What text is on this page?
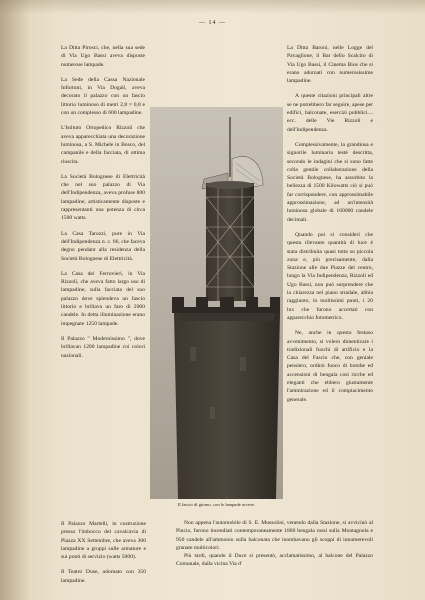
— 14 —

La Ditta Pirosci, che, nella sua sede di Via Ugo Bassi aveva disposte numerose lampade.

La Sede della Cassa Nazionale Infortuni, in Via Dogali, aveva decorato il palazzo con un fascio littorio luminoso di metri 2,8 × 0,8 e con un complesso di 600 lampadine.

L'Istituto Ortopedico Rizzoli che aveva apparecchiata una decorazione luminosa, a S. Michele in Bosco, del campanile e della facciata, di ottima riuscita.

La Società Bolognese di Elettricità che nel suo palazzo di Via dell'Indipendenza, aveva profuse 800 lampadine, artisticamente disposte e rappresentanti una potenza di circa 1500 watts.

La Casa Tarozzi, pure in Via dell'Indipendenza n. c. 66, che faceva degno pendant alla residenza della Società Bolognese di Elettricità.

La Casa dei Ferrovieri, in Via Rizzoli, che aveva fatto largo uso di lampadine, sulla facciata del suo palazzo dove splendeva un fascio littorio e brillava un faro di 2000 candele. In detta illuminazione erano impegnate 1250 lampade.

Il Palazzo " Modernissimo ", dove brillavan 1200 lampadine coi colori nazionali.

Il fascio di giorno, con le lampade accese.

La Ditta Baroni, nelle Logge del Pavaglione, il Bar dello Scalcito di Via Ugo Bassi, il Cinema Bios che si erano adornati con numerosissime lampadine.

A queste citazioni principali altre se ne potrebbero far seguire, apese per edifici, balconate, esercizi pubblici.... ecc. delle Vie Rizzoli e dell'Indipendenza.

Complessivamente, la grandiosa e signorile luminaria testè descritta, secondo le indagini che si sono fatte colla gentile collaborazione della Società Bolognese, ha assorbito la bellezza di 1500 Kilowatts ciò si può far corrispondere, con approssimabile approssimazione, ad un'intensità luminosa globale di 160000 candele decimali.

Quando poi si consideri che questa rilevante quantità di luce è stata distribuita quasi tutta su piccola zona e, più precisamente, dalla Stazione alle due Piazze del centro, lungo la Via Indipendenza, Rizzoli ed Ugo Bassi, non può sorprendere che la chiarezza nel piano stradale, abbia raggiunto, in moltissimi punti, i 20 lux che furono accertati con apparecchio fotometrico.

Ne, anche in questo festoso avvenimento, si volero dimenticare i tradizionali fuochi di artificio e la Casa del Fascio che, con geniale pensiero, ordinò fuoco di bombe ed accensioni di bengala così ricche ed eleganti che ebbero giustamente l'ammirazione ed il compiacimento generale.

Il Palazzo Martelli, in costruzione presso l'imbocco del cavalcavia di Piazza XX Settembre, che aveva 300 lampadine a gruppi sulle armature e sui ponti di servizio (watts 5000).

Il Teatro Duse, adornato con 350 lampadine.

Non appena l'automobile di S. E. Mussolini, venendo dalla Stazione, si avvicinò al Pincio, furono incendiati contemporaneamente 1800 bengala rossi sulla Montagnola e 950 candele all'ammonio sulla balconata che inombavano gli scoppi di innumerevoli granate multicolori.

Più tardi, quando il Duce si presentò, acclamatissimo, al balcone del Palazzo Comunale, dalla vicina Via d'
